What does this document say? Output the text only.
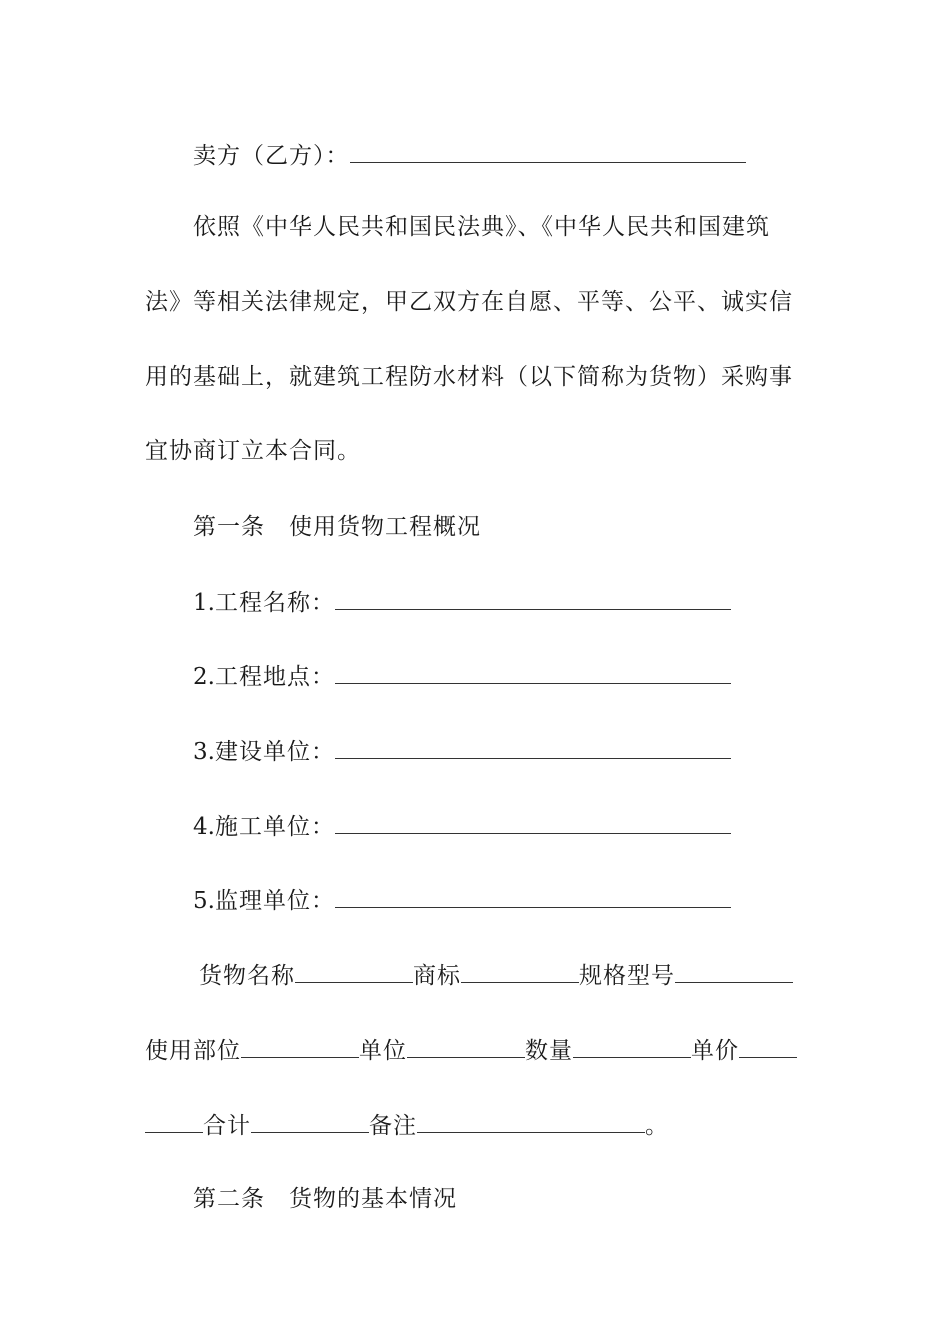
卖方（乙方）：
依照《中华人民共和国民法典》、《中华人民共和国建筑
法》等相关法律规定，甲乙双方在自愿、平等、公平、诚实信
用的基础上，就建筑工程防水材料（以下简称为货物）采购事
宜协商订立本合同。
第一条　使用货物工程概况
1.工程名称：
2.工程地点：
3.建设单位：
4.施工单位：
5.监理单位：
货物名称	商标	规格型号
使用部位	单位	数量	单价
合计	备注	。
第二条　货物的基本情况
